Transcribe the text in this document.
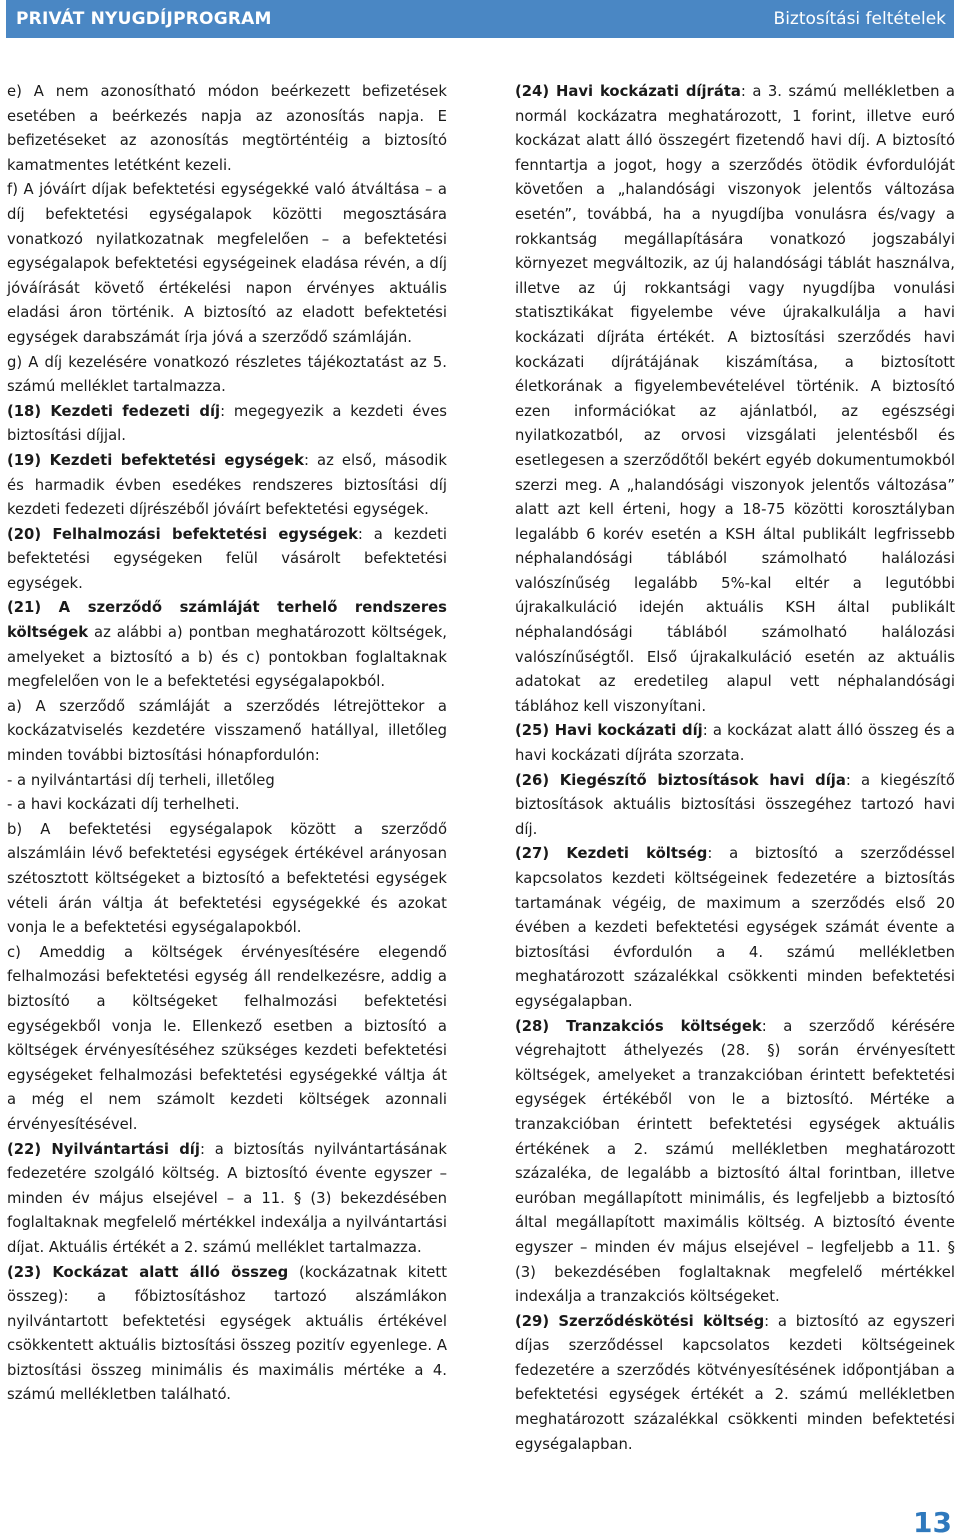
PRIVÁT NYUGDÍJPROGRAM	Biztosítási feltételek

e) A nem azonosítható módon beérkezett befizetések esetében a beérkezés napja az azonosítás napja. E befizetéseket az azonosítás megtörténtéig a biztosító kamatmentes letétként kezeli.

f) A jóváírt díjak befektetési egységekké való átváltása – a díj befektetési egységalapok közötti megosztására vonatkozó nyilatkozatnak megfelelően – a befektetési egységalapok befektetési egységeinek eladása révén, a díj jóváírását követő értékelési napon érvényes aktuális eladási áron történik. A biztosító az eladott befektetési egységek darabszámát írja jóvá a szerződő számláján.

g) A díj kezelésére vonatkozó részletes tájékoztatást az 5. számú melléklet tartalmazza.

(18) Kezdeti fedezeti díj: megegyezik a kezdeti éves biztosítási díjjal.

(19) Kezdeti befektetési egységek: az első, második és harmadik évben esedékes rendszeres biztosítási díj kezdeti fedezeti díjrészéből jóváírt befektetési egységek.

(20) Felhalmozási befektetési egységek: a kezdeti befektetési egységeken felül vásárolt befektetési egységek.

(21) A szerződő számláját terhelő rendszeres költségek az alábbi a) pontban meghatározott költségek, amelyeket a biztosító a b) és c) pontokban foglaltaknak megfelelően von le a befektetési egységalapokból.

a) A szerződő számláját a szerződés létrejöttekor a kockázatviselés kezdetére visszamenő hatállyal, illetőleg minden további biztosítási hónapfordulón:

- a nyilvántartási díj terheli, illetőleg

- a havi kockázati díj terhelheti.

b) A befektetési egységalapok között a szerződő alszámláin lévő befektetési egységek értékével arányosan szétosztott költségeket a biztosító a befektetési egységek vételi árán váltja át befektetési egységekké és azokat vonja le a befektetési egységalapokból.

c) Ameddig a költségek érvényesítésére elegendő felhalmozási befektetési egység áll rendelkezésre, addig a biztosító a költségeket felhalmozási befektetési egységekből vonja le. Ellenkező esetben a biztosító a költségek érvényesítéséhez szükséges kezdeti befektetési egységeket felhalmozási befektetési egységekké váltja át a még el nem számolt kezdeti költségek azonnali érvényesítésével.

(22) Nyilvántartási díj: a biztosítás nyilvántartásának fedezetére szolgáló költség. A biztosító évente egyszer – minden év május elsejével – a 11. § (3) bekezdésében foglaltaknak megfelelő mértékkel indexálja a nyilvántartási díjat. Aktuális értékét a 2. számú melléklet tartalmazza.

(23) Kockázat alatt álló összeg (kockázatnak kitett összeg): a főbiztosításhoz tartozó alszámlákon nyilvántartott befektetési egységek aktuális értékével csökkentett aktuális biztosítási összeg pozitív egyenlege. A biztosítási összeg minimális és maximális mértéke a 4. számú mellékletben található.

(24) Havi kockázati díjráta: a 3. számú mellékletben a normál kockázatra meghatározott, 1 forint, illetve euró kockázat alatt álló összegért fizetendő havi díj. A biztosító fenntartja a jogot, hogy a szerződés ötödik évfordulóját követően a „halandósági viszonyok jelentős változása esetén”, továbbá, ha a nyugdíjba vonulásra és/vagy a rokkantság megállapítására vonatkozó jogszabályi környezet megváltozik, az új halandósági táblát használva, illetve az új rokkantsági vagy nyugdíjba vonulási statisztikákat figyelembe véve újrakalkulálja a havi kockázati díjráta értékét. A biztosítási szerződés havi kockázati díjrátájának kiszámítása, a biztosított életkorának a figyelembevételével történik. A biztosító ezen információkat az ajánlatból, az egészségi nyilatkozatból, az orvosi vizsgálati jelentésből és esetlegesen a szerződőtől bekért egyéb dokumentumokból szerzi meg. A „halandósági viszonyok jelentős változása” alatt azt kell érteni, hogy a 18-75 közötti korosztályban legalább 6 korév esetén a KSH által publikált legfrissebb néphalandósági táblából számolható halálozási valószínűség legalább 5%-kal eltér a legutóbbi újrakalkuláció idején aktuális KSH által publikált néphalandósági táblából számolható halálozási valószínűségtől. Első újrakalkuláció esetén az aktuális adatokat az eredetileg alapul vett néphalandósági táblához kell viszonyítani.

(25) Havi kockázati díj: a kockázat alatt álló összeg és a havi kockázati díjráta szorzata.

(26) Kiegészítő biztosítások havi díja: a kiegészítő biztosítások aktuális biztosítási összegéhez tartozó havi díj.

(27) Kezdeti költség: a biztosító a szerződéssel kapcsolatos kezdeti költségeinek fedezetére a biztosítás tartamának végéig, de maximum a szerződés első 20 évében a kezdeti befektetési egységek számát évente a biztosítási évfordulón a 4. számú mellékletben meghatározott százalékkal csökkenti minden befektetési egységalapban.

(28) Tranzakciós költségek: a szerződő kérésére végrehajtott áthelyezés (28. §) során érvényesített költségek, amelyeket a tranzakcióban érintett befektetési egységek értékéből von le a biztosító. Mértéke a tranzakcióban érintett befektetési egységek aktuális értékének a 2. számú mellékletben meghatározott százaléka, de legalább a biztosító által forintban, illetve euróban megállapított minimális, és legfeljebb a biztosító által megállapított maximális költség. A biztosító évente egyszer – minden év május elsejével – legfeljebb a 11. § (3) bekezdésében foglaltaknak megfelelő mértékkel indexálja a tranzakciós költségeket.

(29) Szerződéskötési költség: a biztosító az egyszeri díjas szerződéssel kapcsolatos kezdeti költségeinek fedezetére a szerződés kötvényesítésének időpontjában a befektetési egységek értékét a 2. számú mellékletben meghatározott százalékkal csökkenti minden befektetési egységalapban.

13
